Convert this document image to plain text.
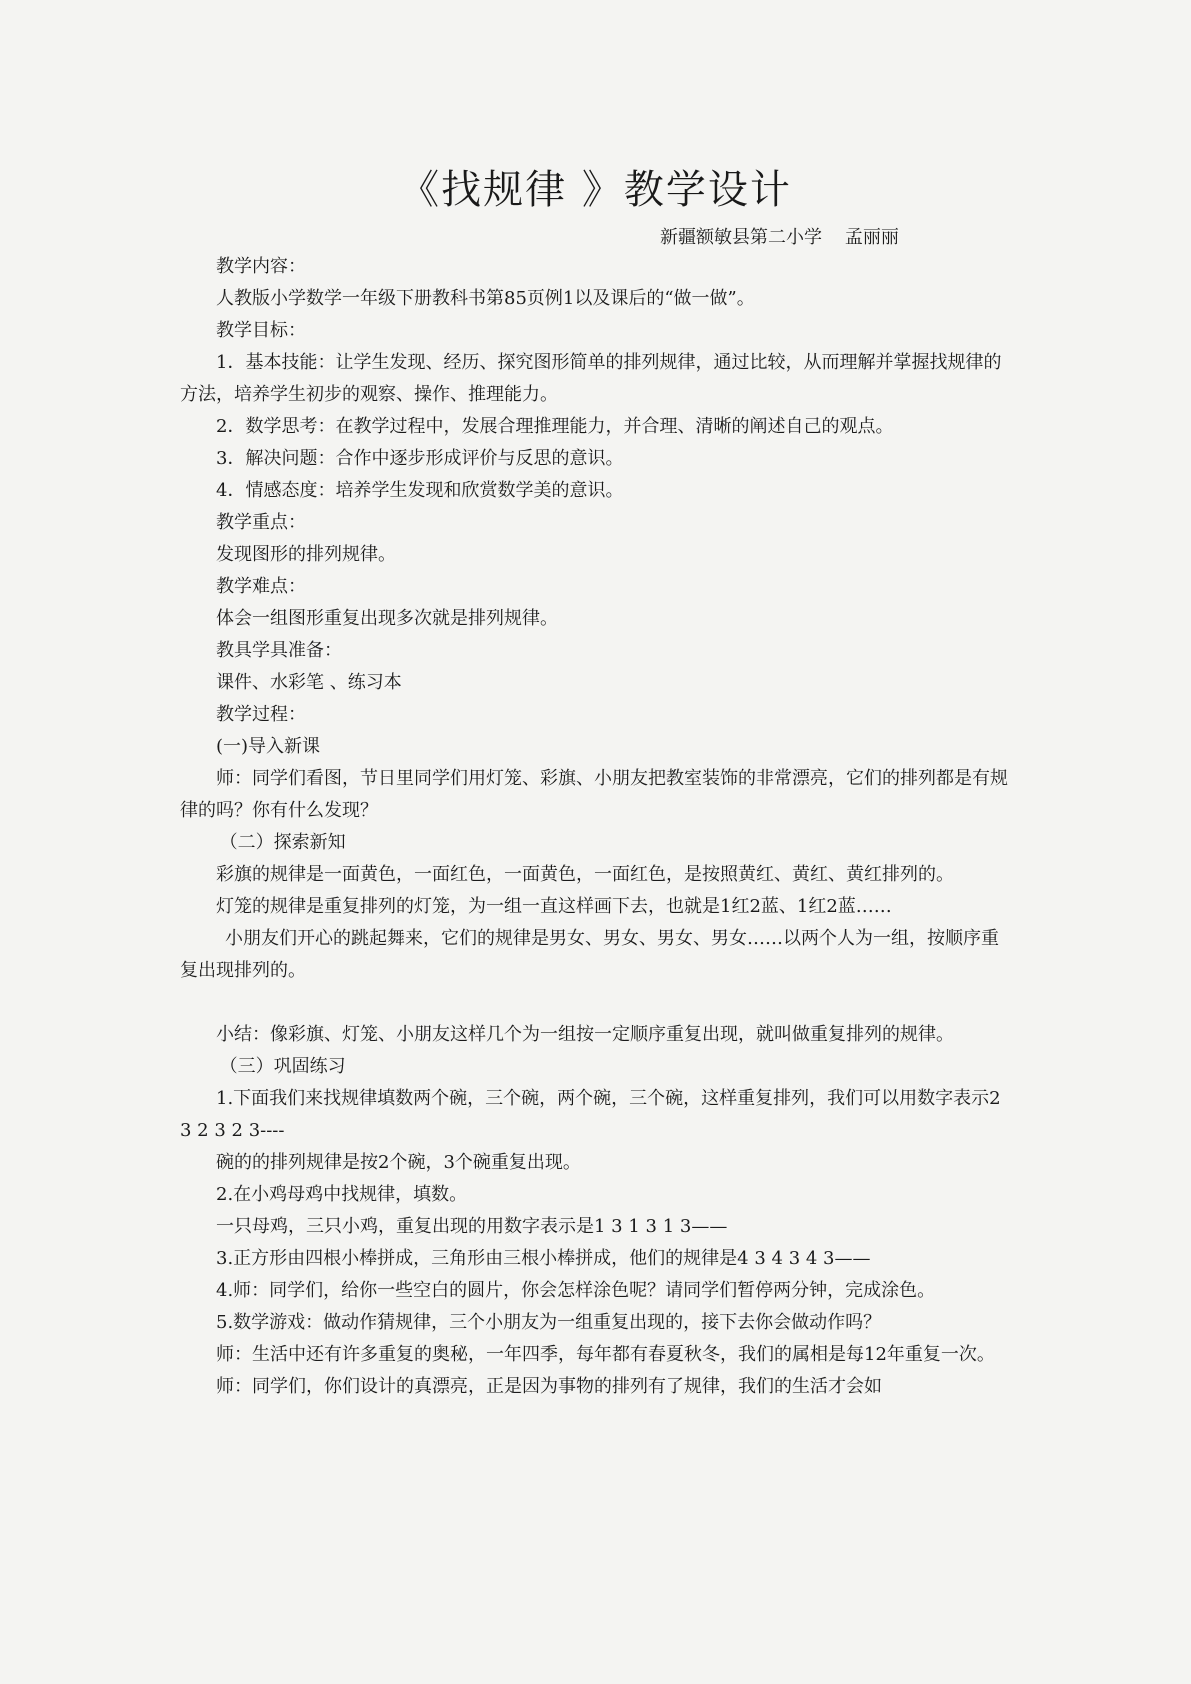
《找规律 》教学设计
新疆额敏县第二小学    孟丽丽

教学内容：

人教版小学数学一年级下册教科书第85页例1以及课后的“做一做”。

教学目标：

1．基本技能：让学生发现、经历、探究图形简单的排列规律，通过比较，从而理解并掌握找规律的方法，培养学生初步的观察、操作、推理能力。

2．数学思考：在教学过程中，发展合理推理能力，并合理、清晰的阐述自己的观点。

3．解决问题：合作中逐步形成评价与反思的意识。

4．情感态度：培养学生发现和欣赏数学美的意识。

教学重点：

发现图形的排列规律。

教学难点：

体会一组图形重复出现多次就是排列规律。

教具学具准备：

课件、水彩笔 、练习本

教学过程：

(一)导入新课

师：同学们看图，节日里同学们用灯笼、彩旗、小朋友把教室装饰的非常漂亮，它们的排列都是有规律的吗？你有什么发现？

（二）探索新知

彩旗的规律是一面黄色，一面红色，一面黄色，一面红色，是按照黄红、黄红、黄红排列的。

灯笼的规律是重复排列的灯笼，为一组一直这样画下去，也就是1红2蓝、1红2蓝……

小朋友们开心的跳起舞来，它们的规律是男女、男女、男女、男女……以两个人为一组，按顺序重复出现排列的。

小结：像彩旗、灯笼、小朋友这样几个为一组按一定顺序重复出现，就叫做重复排列的规律。

（三）巩固练习

1.下面我们来找规律填数两个碗，三个碗，两个碗，三个碗，这样重复排列，我们可以用数字表示2 3 2 3 2 3----

碗的的排列规律是按2个碗，3个碗重复出现。

2.在小鸡母鸡中找规律，填数。

一只母鸡，三只小鸡，重复出现的用数字表示是1 3 1 3 1 3——

3.正方形由四根小棒拼成，三角形由三根小棒拼成，他们的规律是4 3 4 3 4 3——

4.师：同学们，给你一些空白的圆片，你会怎样涂色呢？请同学们暂停两分钟，完成涂色。

5.数学游戏：做动作猜规律，三个小朋友为一组重复出现的，接下去你会做动作吗？

师：生活中还有许多重复的奥秘，一年四季，每年都有春夏秋冬，我们的属相是每12年重复一次。

师：同学们，你们设计的真漂亮，正是因为事物的排列有了规律，我们的生活才会如
